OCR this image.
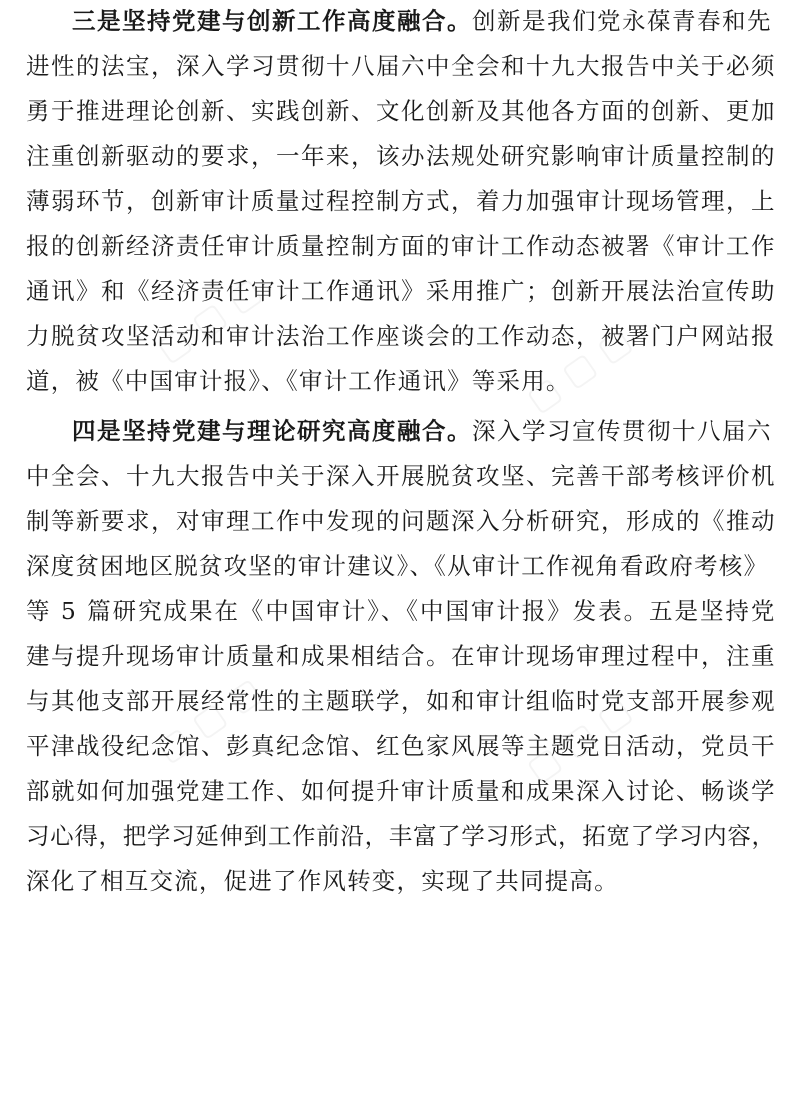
▢ ▢ ▢	▢ ▢ ▢
▢ ▢ ▢	▢ ▢ ▢
三是坚持党建与创新工作高度融合。创新是我们党永葆青春和先
进性的法宝，深入学习贯彻十八届六中全会和十九大报告中关于必须
勇于推进理论创新、实践创新、文化创新及其他各方面的创新、更加
注重创新驱动的要求，一年来，该办法规处研究影响审计质量控制的
薄弱环节，创新审计质量过程控制方式，着力加强审计现场管理，上
报的创新经济责任审计质量控制方面的审计工作动态被署《审计工作
通讯》和《经济责任审计工作通讯》采用推广；创新开展法治宣传助
力脱贫攻坚活动和审计法治工作座谈会的工作动态，被署门户网站报
道，被《中国审计报》、《审计工作通讯》等采用。
四是坚持党建与理论研究高度融合。深入学习宣传贯彻十八届六
中全会、十九大报告中关于深入开展脱贫攻坚、完善干部考核评价机
制等新要求，对审理工作中发现的问题深入分析研究，形成的《推动
深度贫困地区脱贫攻坚的审计建议》、《从审计工作视角看政府考核》
等 5 篇研究成果在《中国审计》、《中国审计报》发表。五是坚持党
建与提升现场审计质量和成果相结合。在审计现场审理过程中，注重
与其他支部开展经常性的主题联学，如和审计组临时党支部开展参观
平津战役纪念馆、彭真纪念馆、红色家风展等主题党日活动，党员干
部就如何加强党建工作、如何提升审计质量和成果深入讨论、畅谈学
习心得，把学习延伸到工作前沿，丰富了学习形式，拓宽了学习内容，
深化了相互交流，促进了作风转变，实现了共同提高。
